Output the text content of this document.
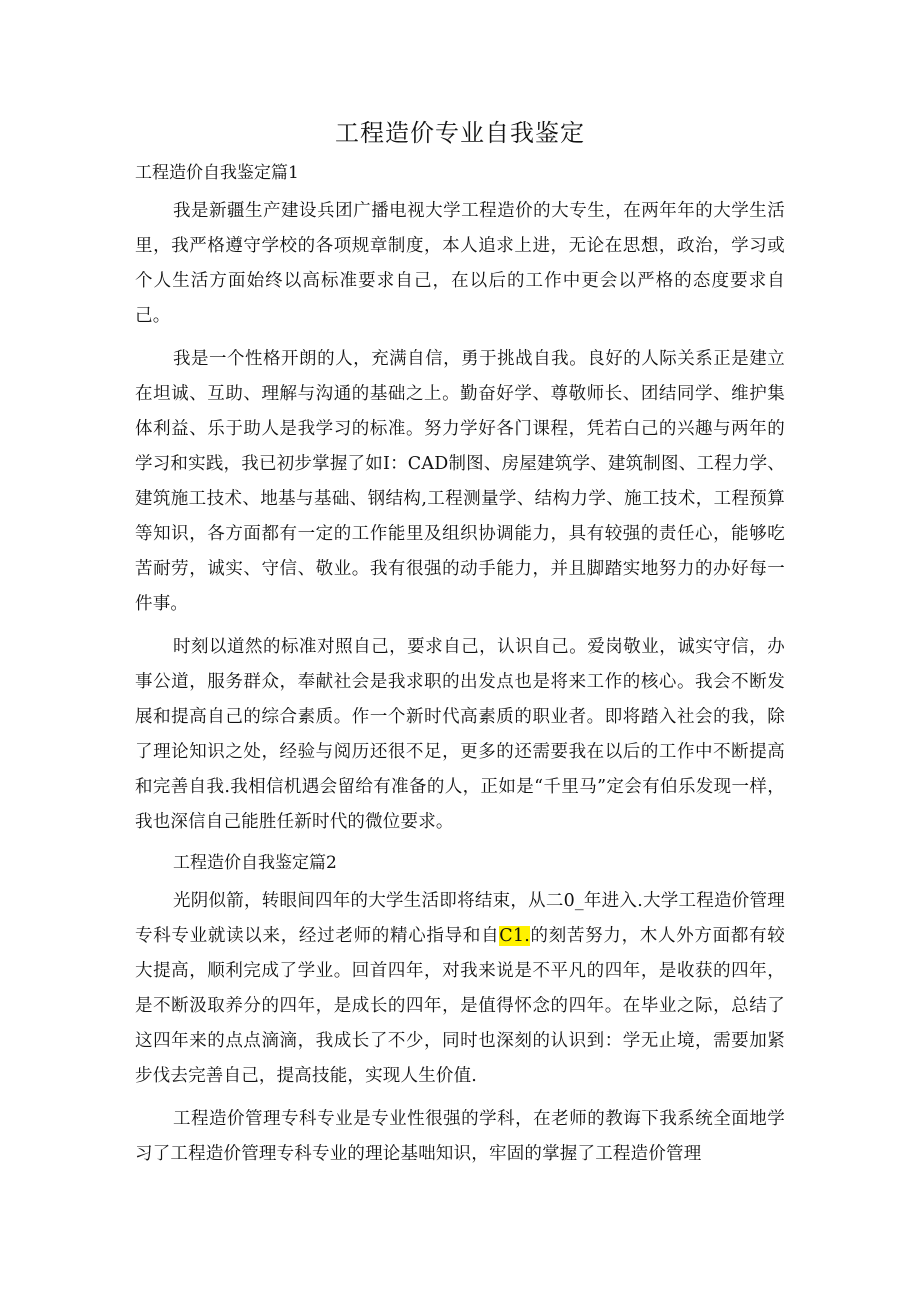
工程造价专业自我鉴定
工程造价自我鉴定篇1

我是新疆生产建设兵团广播电视大学工程造价的大专生，在两年年的大学生活里，我严格遵守学校的各项规章制度，本人追求上进，无论在思想，政治，学习或个人生活方面始终以高标准要求自己，在以后的工作中更会以严格的态度要求自己。

我是一个性格开朗的人，充满自信，勇于挑战自我。良好的人际关系正是建立在坦诚、互助、理解与沟通的基础之上。勤奋好学、尊敬师长、团结同学、维护集体利益、乐于助人是我学习的标准。努力学好各门课程，凭若白己的兴趣与两年的学习和实践，我已初步掌握了如I：CAD制图、房屋建筑学、建筑制图、工程力学、建筑施工技术、地基与基础、钢结构,工程测量学、结构力学、施工技术，工程预算等知识，各方面都有一定的工作能里及组织协调能力，具有较强的责任心，能够吃苦耐劳，诚实、守信、敬业。我有很强的动手能力，并且脚踏实地努力的办好每一件事。

时刻以道然的标准对照自己，要求自己，认识自己。爱岗敬业，诚实守信，办事公道，服务群众，奉献社会是我求职的出发点也是将来工作的核心。我会不断发展和提高自己的综合素质。作一个新时代高素质的职业者。即将踏入社会的我，除了理论知识之处，经验与阅历还很不足，更多的还需要我在以后的工作中不断提高和完善自我.我相信机遇会留给有准备的人，正如是“千里马”定会有伯乐发现一样，我也深信自己能胜任新时代的微位要求。

工程造价自我鉴定篇2

光阴似箭，转眼间四年的大学生活即将结束，从二0_年进入.大学工程造价管理专科专业就读以来，经过老师的精心指导和自C1.的刻苦努力，木人外方面都有较大提高，顺利完成了学业。回首四年，对我来说是不平凡的四年，是收获的四年，是不断汲取养分的四年，是成长的四年，是值得怀念的四年。在毕业之际，总结了这四年来的点点滴滴，我成长了不少，同时也深刻的认识到：学无止境，需要加紧步伐去完善自己，提高技能，实现人生价值.

工程造价管理专科专业是专业性很强的学科，在老师的教诲下我系统全面地学习了工程造价管理专科专业的理论基咄知识，牢固的掌握了工程造价管理
